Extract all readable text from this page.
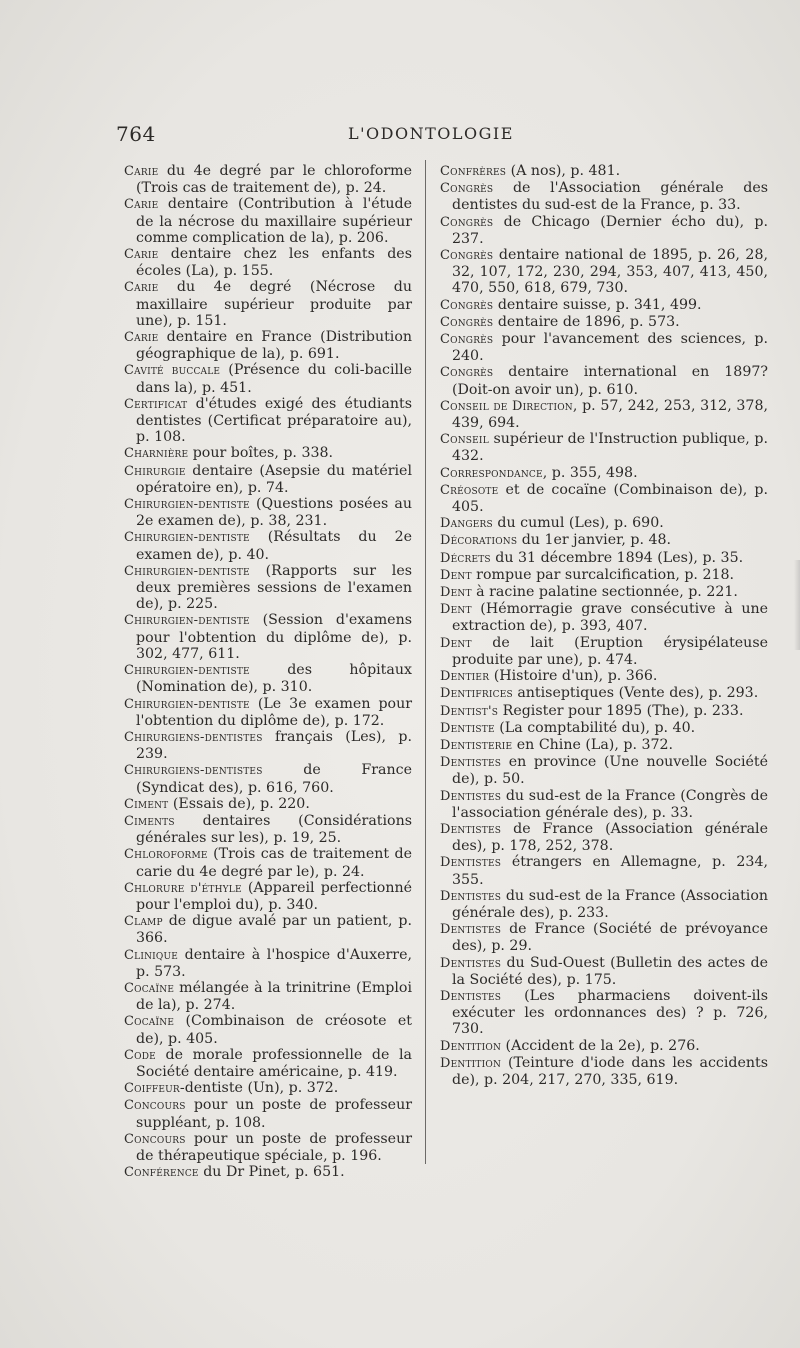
764	L'ODONTOLOGIE

Carie du 4e degré par le chloroforme (Trois cas de traitement de), p. 24.

Carie dentaire (Contribution à l'étude de la nécrose du maxillaire supérieur comme complication de la), p. 206.

Carie dentaire chez les enfants des écoles (La), p. 155.

Carie du 4e degré (Nécrose du maxillaire supérieur produite par une), p. 151.

Carie dentaire en France (Distribution géographique de la), p. 691.

Cavité buccale (Présence du coli-bacille dans la), p. 451.

Certificat d'études exigé des étudiants dentistes (Certificat préparatoire au), p. 108.

Charnière pour boîtes, p. 338.

Chirurgie dentaire (Asepsie du matériel opératoire en), p. 74.

Chirurgien-dentiste (Questions posées au 2e examen de), p. 38, 231.

Chirurgien-dentiste (Résultats du 2e examen de), p. 40.

Chirurgien-dentiste (Rapports sur les deux premières sessions de l'examen de), p. 225.

Chirurgien-dentiste (Session d'examens pour l'obtention du diplôme de), p. 302, 477, 611.

Chirurgien-dentiste des hôpitaux (Nomination de), p. 310.

Chirurgien-dentiste (Le 3e examen pour l'obtention du diplôme de), p. 172.

Chirurgiens-dentistes français (Les), p. 239.

Chirurgiens-dentistes de France (Syndicat des), p. 616, 760.

Ciment (Essais de), p. 220.

Ciments dentaires (Considérations générales sur les), p. 19, 25.

Chloroforme (Trois cas de traitement de carie du 4e degré par le), p. 24.

Chlorure d'éthyle (Appareil perfectionné pour l'emploi du), p. 340.

Clamp de digue avalé par un patient, p. 366.

Clinique dentaire à l'hospice d'Auxerre, p. 573.

Cocaïne mélangée à la trinitrine (Emploi de la), p. 274.

Cocaïne (Combinaison de créosote et de), p. 405.

Code de morale professionnelle de la Société dentaire américaine, p. 419.

Coiffeur-dentiste (Un), p. 372.

Concours pour un poste de professeur suppléant, p. 108.

Concours pour un poste de professeur de thérapeutique spéciale, p. 196.

Conférence du Dr Pinet, p. 651.

Confrères (A nos), p. 481.

Congrès de l'Association générale des dentistes du sud-est de la France, p. 33.

Congrès de Chicago (Dernier écho du), p. 237.

Congrès dentaire national de 1895, p. 26, 28, 32, 107, 172, 230, 294, 353, 407, 413, 450, 470, 550, 618, 679, 730.

Congrès dentaire suisse, p. 341, 499.

Congrès dentaire de 1896, p. 573.

Congrès pour l'avancement des sciences, p. 240.

Congrès dentaire international en 1897? (Doit-on avoir un), p. 610.

Conseil de Direction, p. 57, 242, 253, 312, 378, 439, 694.

Conseil supérieur de l'Instruction publique, p. 432.

Correspondance, p. 355, 498.

Créosote et de cocaïne (Combinaison de), p. 405.

Dangers du cumul (Les), p. 690.

Décorations du 1er janvier, p. 48.

Décrets du 31 décembre 1894 (Les), p. 35.

Dent rompue par surcalcification, p. 218.

Dent à racine palatine sectionnée, p. 221.

Dent (Hémorragie grave consécutive à une extraction de), p. 393, 407.

Dent de lait (Eruption érysipélateuse produite par une), p. 474.

Dentier (Histoire d'un), p. 366.

Dentifrices antiseptiques (Vente des), p. 293.

Dentist's Register pour 1895 (The), p. 233.

Dentiste (La comptabilité du), p. 40.

Dentisterie en Chine (La), p. 372.

Dentistes en province (Une nouvelle Société de), p. 50.

Dentistes du sud-est de la France (Congrès de l'association générale des), p. 33.

Dentistes de France (Association générale des), p. 178, 252, 378.

Dentistes étrangers en Allemagne, p. 234, 355.

Dentistes du sud-est de la France (Association générale des), p. 233.

Dentistes de France (Société de prévoyance des), p. 29.

Dentistes du Sud-Ouest (Bulletin des actes de la Société des), p. 175.

Dentistes (Les pharmaciens doivent-ils exécuter les ordonnances des) ? p. 726, 730.

Dentition (Accident de la 2e), p. 276.

Dentition (Teinture d'iode dans les accidents de), p. 204, 217, 270, 335, 619.
